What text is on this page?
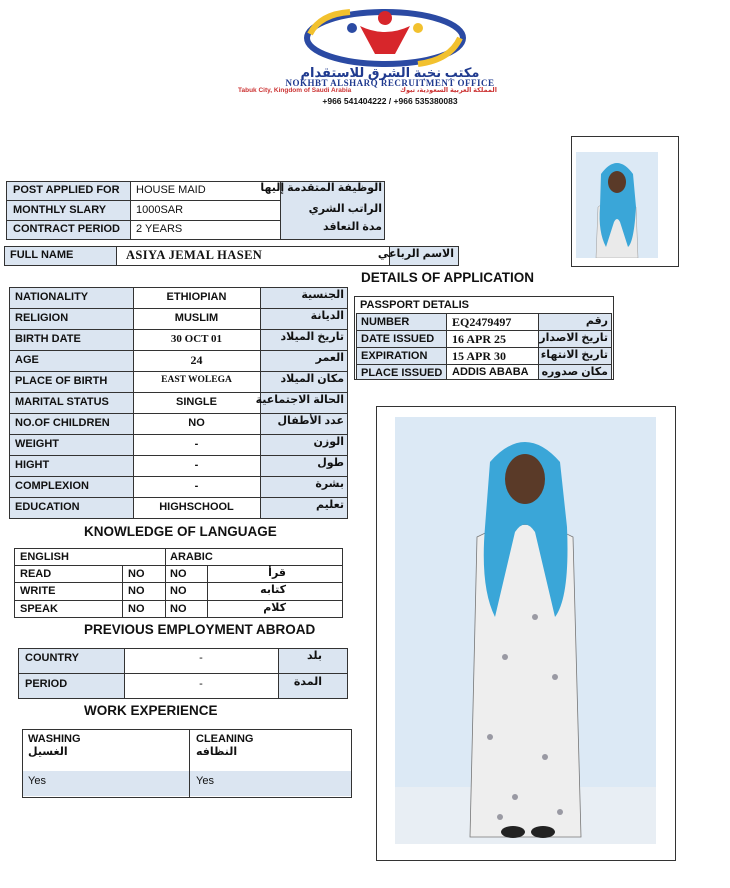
مكتب نخبة الشرق للاستقدام
NOKHBT ALSHARQ RECRUITMENT OFFICE
Tabuk City, Kingdom of Saudi Arabia	المملكة العربية السعودية، تبوك
+966 541404222 / +966 535380083
POST APPLIED FOR HOUSE MAID	الوظيفة المتقدمة إليها
MONTHLY SLARY	1000SAR	الراتب الشري
CONTRACT PERIOD 2 YEARS	مدة التعاقد
FULL NAME	ASIYA JEMAL HASEN	الاسم الرباعي
DETAILS OF APPLICATION
NATIONALITY	ETHIOPIAN	الجنسية
RELIGION	MUSLIM	الديانة
BIRTH DATE	30 OCT 01	تاريخ الميلاد
AGE	24	العمر
PLACE OF BIRTH	EAST WOLEGA	مكان الميلاد
MARITAL STATUS	SINGLE	الحالة الاجتماعية
NO.OF CHILDREN	NO	عدد الأطفال
WEIGHT	-	الوزن
HIGHT	-	طول
COMPLEXION	-	بشرة
EDUCATION	HIGHSCHOOL	تعليم
PASSPORT DETALIS
NUMBER	EQ2479497	رقم
DATE ISSUED 16 APR 25	تاريخ الاصدار
EXPIRATION 15 APR 30	تاريخ الانتهاء
PLACE ISSUED ADDIS ABABA مكان صدوره
KNOWLEDGE OF LANGUAGE
ENGLISH	ARABIC
READ	NO NO	قرأ
WRITE	NO NO	كتابه
SPEAK	NO NO	كلام
PREVIOUS EMPLOYMENT ABROAD
COUNTRY	-	بلد
PERIOD	-	المدة
WORK EXPERIENCE
WASHING
الغسيل
Yes
CLEANING
النظافه
Yes
